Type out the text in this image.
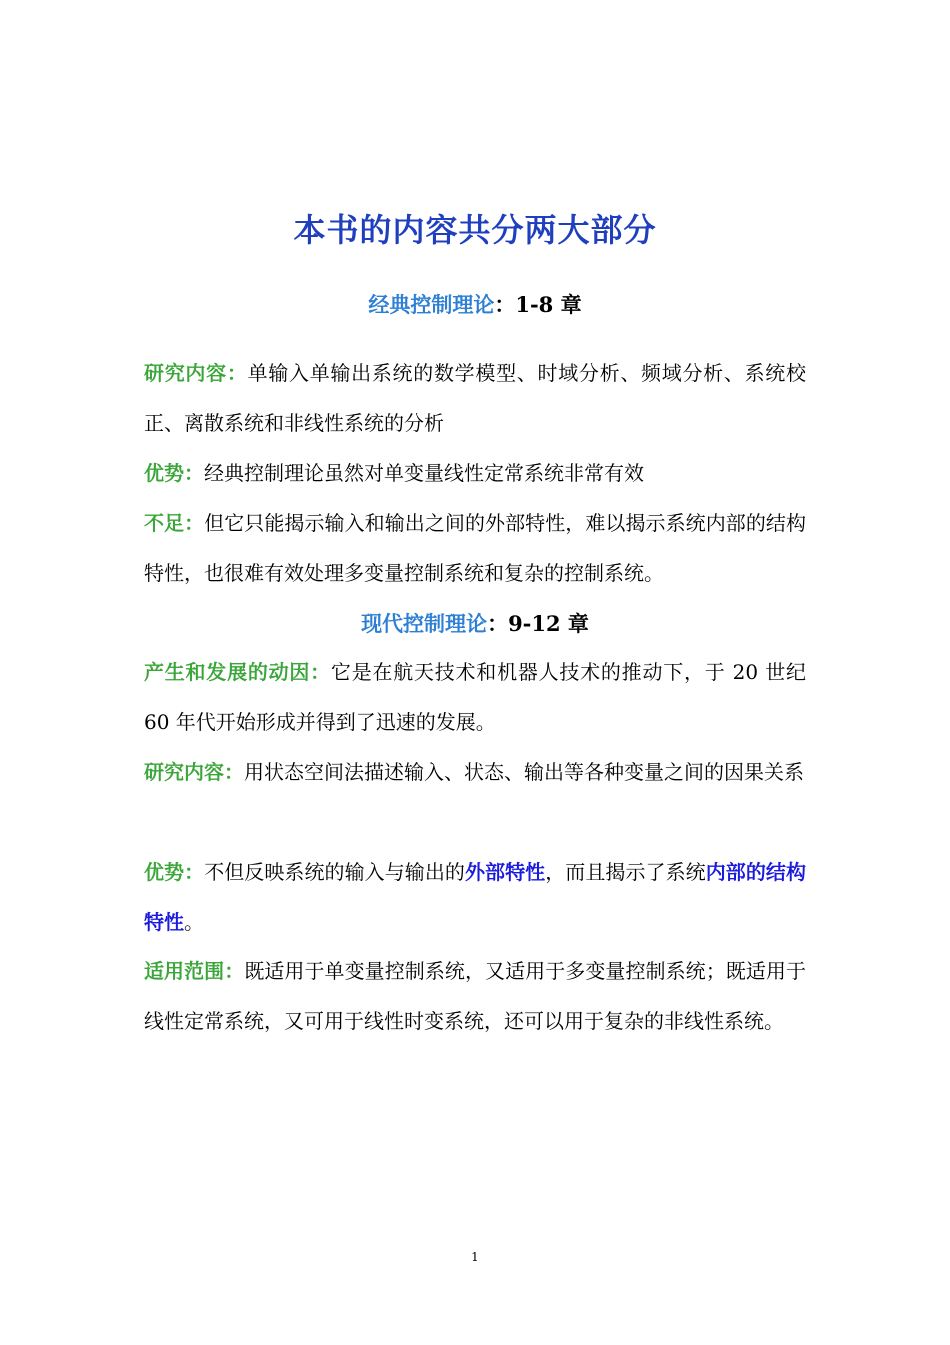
本书的内容共分两大部分
经典控制理论：1-8 章

研究内容：单输入单输出系统的数学模型、时域分析、频域分析、系统校正、离散系统和非线性系统的分析

优势：经典控制理论虽然对单变量线性定常系统非常有效

不足：但它只能揭示输入和输出之间的外部特性，难以揭示系统内部的结构特性，也很难有效处理多变量控制系统和复杂的控制系统。

现代控制理论：9-12 章

产生和发展的动因：它是在航天技术和机器人技术的推动下，于 20 世纪 60 年代开始形成并得到了迅速的发展。

研究内容：用状态空间法描述输入、状态、输出等各种变量之间的因果关系

优势：不但反映系统的输入与输出的外部特性，而且揭示了系统内部的结构特性。

适用范围：既适用于单变量控制系统，又适用于多变量控制系统；既适用于线性定常系统，又可用于线性时变系统，还可以用于复杂的非线性系统。

1
